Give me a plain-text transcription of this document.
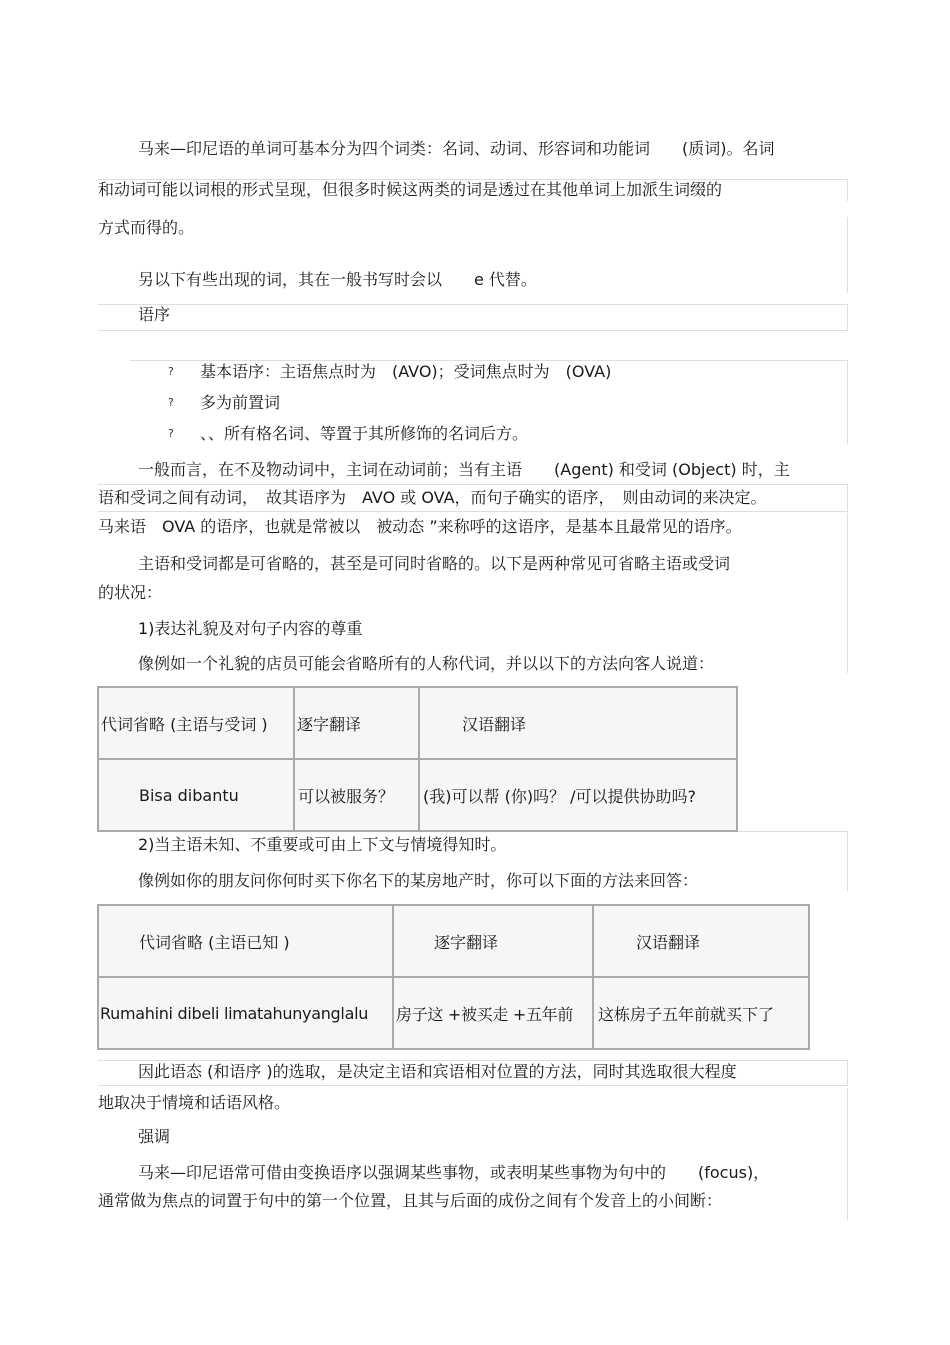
马来—印尼语的单词可基本分为四个词类：名词、动词、形容词和功能词　　(质词)。名词
和动词可能以词根的形式呈现，但很多时候这两类的词是透过在其他单词上加派生词缀的
方式而得的。
另以下有些出现的词，其在一般书写时会以　　e 代替。
语序
? 基本语序：主语焦点时为　(AVO)；受词焦点时为　(OVA)
? 多为前置词
? 、、所有格名词、等置于其所修饰的名词后方。
一般而言，在不及物动词中，主词在动词前；当有主语　　(Agent) 和受词 (Object) 时，主
语和受词之间有动词，　故其语序为　AVO 或 OVA，而句子确实的语序，　则由动词的来决定。
马来语　OVA 的语序，也就是常被以　被动态 ”来称呼的这语序，是基本且最常见的语序。
主语和受词都是可省略的，甚至是可同时省略的。以下是两种常见可省略主语或受词
的状况：
1)表达礼貌及对句子内容的尊重
像例如一个礼貌的店员可能会省略所有的人称代词，并以以下的方法向客人说道：
代词省略 (主语与受词 )	逐字翻译	汉语翻译
Bisa dibantu	可以被服务？	(我)可以帮 (你)吗？ /可以提供协助吗?
2)当主语未知、不重要或可由上下文与情境得知时。
像例如你的朋友问你何时买下你名下的某房地产时，你可以下面的方法来回答：
代词省略 (主语已知 )	逐字翻译	汉语翻译
Rumahini dibeli limatahunyanglalu	房子这 +被买走 +五年前	这栋房子五年前就买下了
因此语态 (和语序 )的选取，是决定主语和宾语相对位置的方法，同时其选取很大程度
地取决于情境和话语风格。
强调
马来—印尼语常可借由变换语序以强调某些事物，或表明某些事物为句中的　　(focus)，
通常做为焦点的词置于句中的第一个位置，且其与后面的成份之间有个发音上的小间断：
